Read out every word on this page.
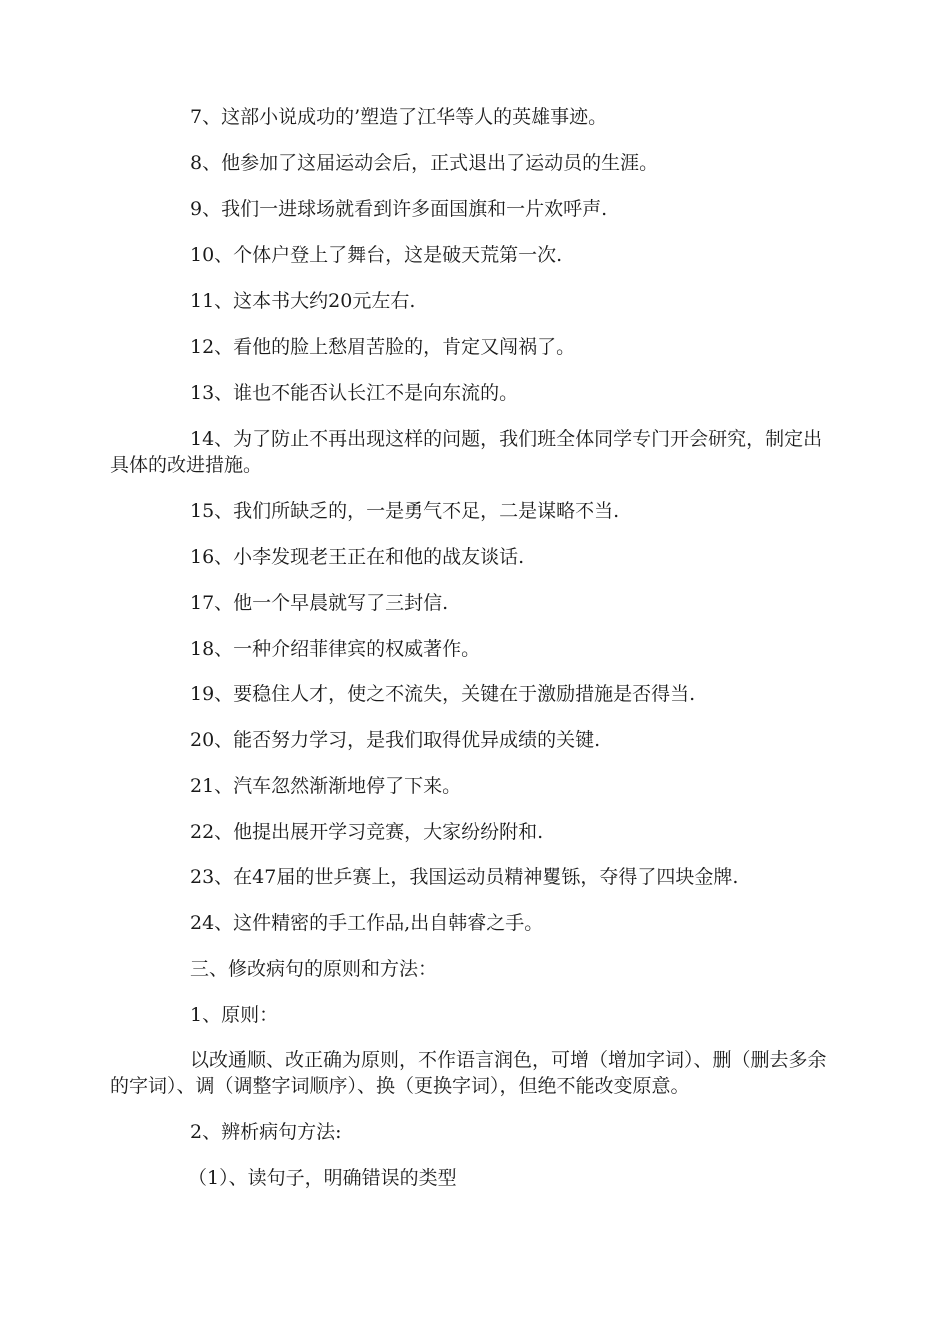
7、这部小说成功的’塑造了江华等人的英雄事迹。

8、他参加了这届运动会后，正式退出了运动员的生涯。

9、我们一进球场就看到许多面国旗和一片欢呼声.

10、个体户登上了舞台，这是破天荒第一次.

11、这本书大约20元左右.

12、看他的脸上愁眉苦脸的，肯定又闯祸了。

13、谁也不能否认长江不是向东流的。

14、为了防止不再出现这样的问题，我们班全体同学专门开会研究，制定出具体的改进措施。

15、我们所缺乏的，一是勇气不足，二是谋略不当.

16、小李发现老王正在和他的战友谈话.

17、他一个早晨就写了三封信.

18、一种介绍菲律宾的权威著作。

19、要稳住人才，使之不流失，关键在于激励措施是否得当.

20、能否努力学习，是我们取得优异成绩的关键.

21、汽车忽然渐渐地停了下来。

22、他提出展开学习竞赛，大家纷纷附和.

23、在47届的世乒赛上，我国运动员精神矍铄，夺得了四块金牌.

24、这件精密的手工作品,出自韩睿之手。

三、修改病句的原则和方法：

1、原则：

以改通顺、改正确为原则，不作语言润色，可增（增加字词）、删（删去多余的字词）、调（调整字词顺序）、换（更换字词），但绝不能改变原意。

2、辨析病句方法:

（1）、读句子，明确错误的类型
